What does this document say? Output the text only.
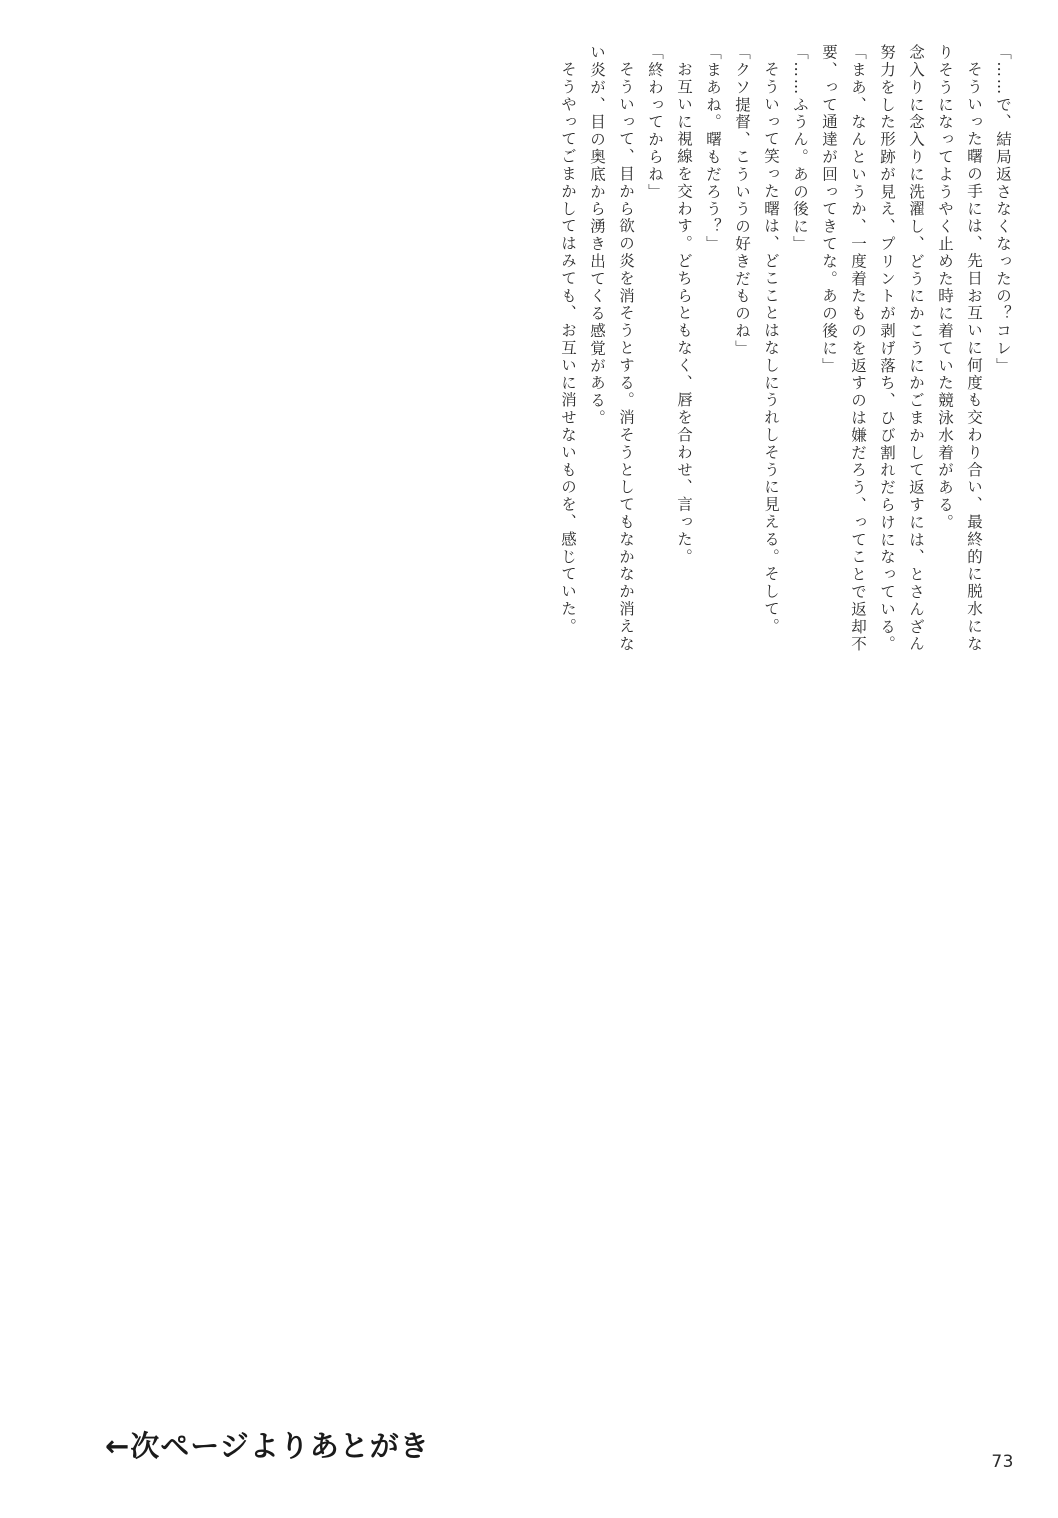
「……で、結局返さなくなったの？コレ」
そういった曙の手には、先日お互いに何度も交わり合い、最終的に脱水にな
りそうになってようやく止めた時に着ていた競泳水着がある。
念入りに念入りに洗濯し、どうにかこうにかごまかして返すには、とさんざん
努力をした形跡が見え、プリントが剥げ落ち、ひび割れだらけになっている。
「まあ、なんというか、一度着たものを返すのは嫌だろう、ってことで返却不
要、って通達が回ってきてな。あの後に」
「……ふうん。あの後に」
そういって笑った曙は、どこことはなしにうれしそうに見える。そして。
「クソ提督、こういうの好きだものね」
「まあね。曙もだろう？」
お互いに視線を交わす。どちらともなく、唇を合わせ、言った。
「終わってからね」
そういって、目から欲の炎を消そうとする。消そうとしてもなかなか消えな
い炎が、目の奥底から湧き出てくる感覚がある。
そうやってごまかしてはみても、お互いに消せないものを、感じていた。
←次ページよりあとがき	73
